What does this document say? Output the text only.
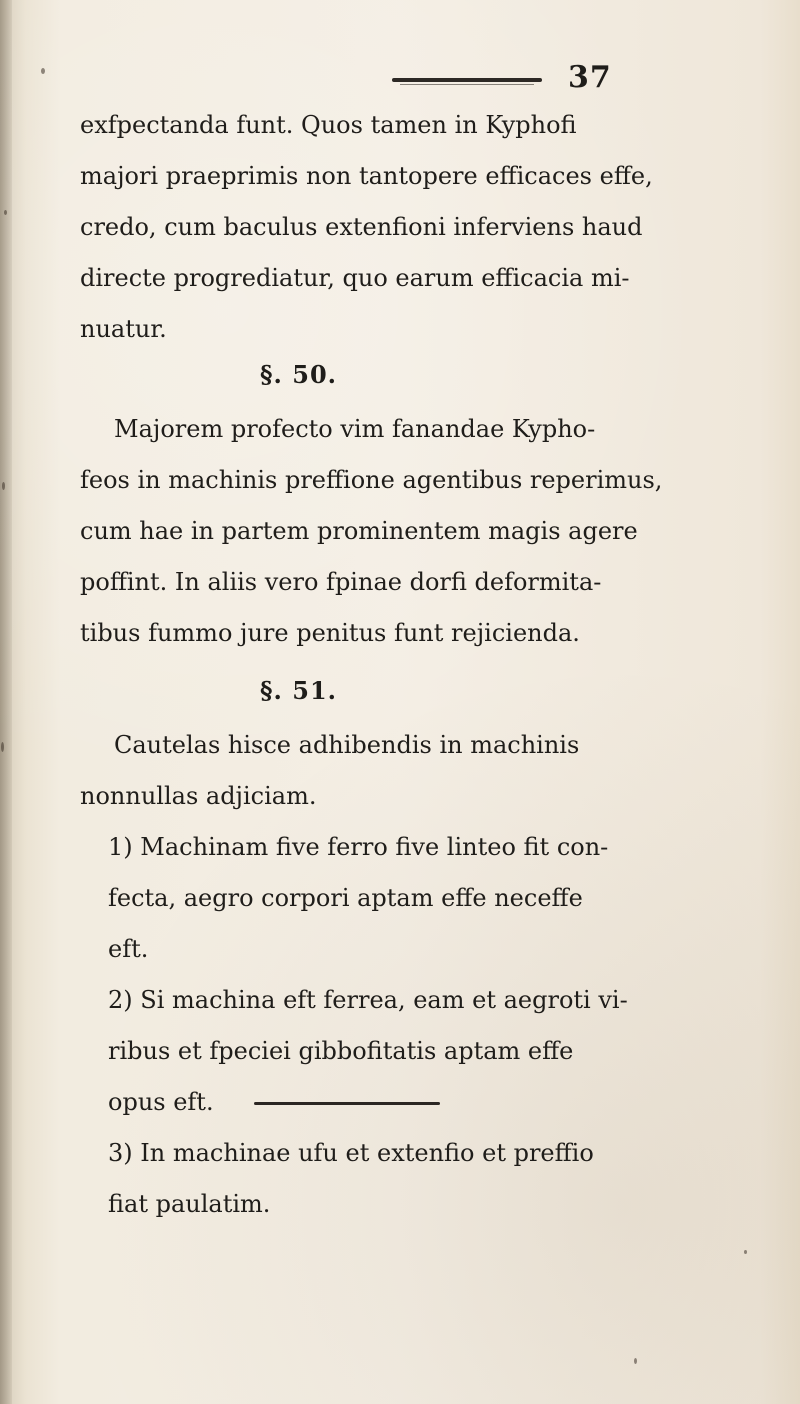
37
exfpectanda funt. Quos tamen in Kyphofi
majori praeprimis non tantopere efficaces effe,
credo, cum baculus extenfioni inferviens haud
directe progrediatur, quo earum efficacia mi-
nuatur.
§. 50.
Majorem profecto vim fanandae Kypho-
feos in machinis preffione agentibus reperimus,
cum hae in partem prominentem magis agere
poffint. In aliis vero fpinae dorfi deformita-
tibus fummo jure penitus funt rejicienda.
§. 51.
Cautelas hisce adhibendis in machinis
nonnullas adjiciam.
1) Machinam five ferro five linteo fit con-
fecta, aegro corpori aptam effe neceffe
eft.
2) Si machina eft ferrea, eam et aegroti vi-
ribus et fpeciei gibbofitatis aptam effe
opus eft.
3) In machinae ufu et extenfio et preffio
fiat paulatim.
